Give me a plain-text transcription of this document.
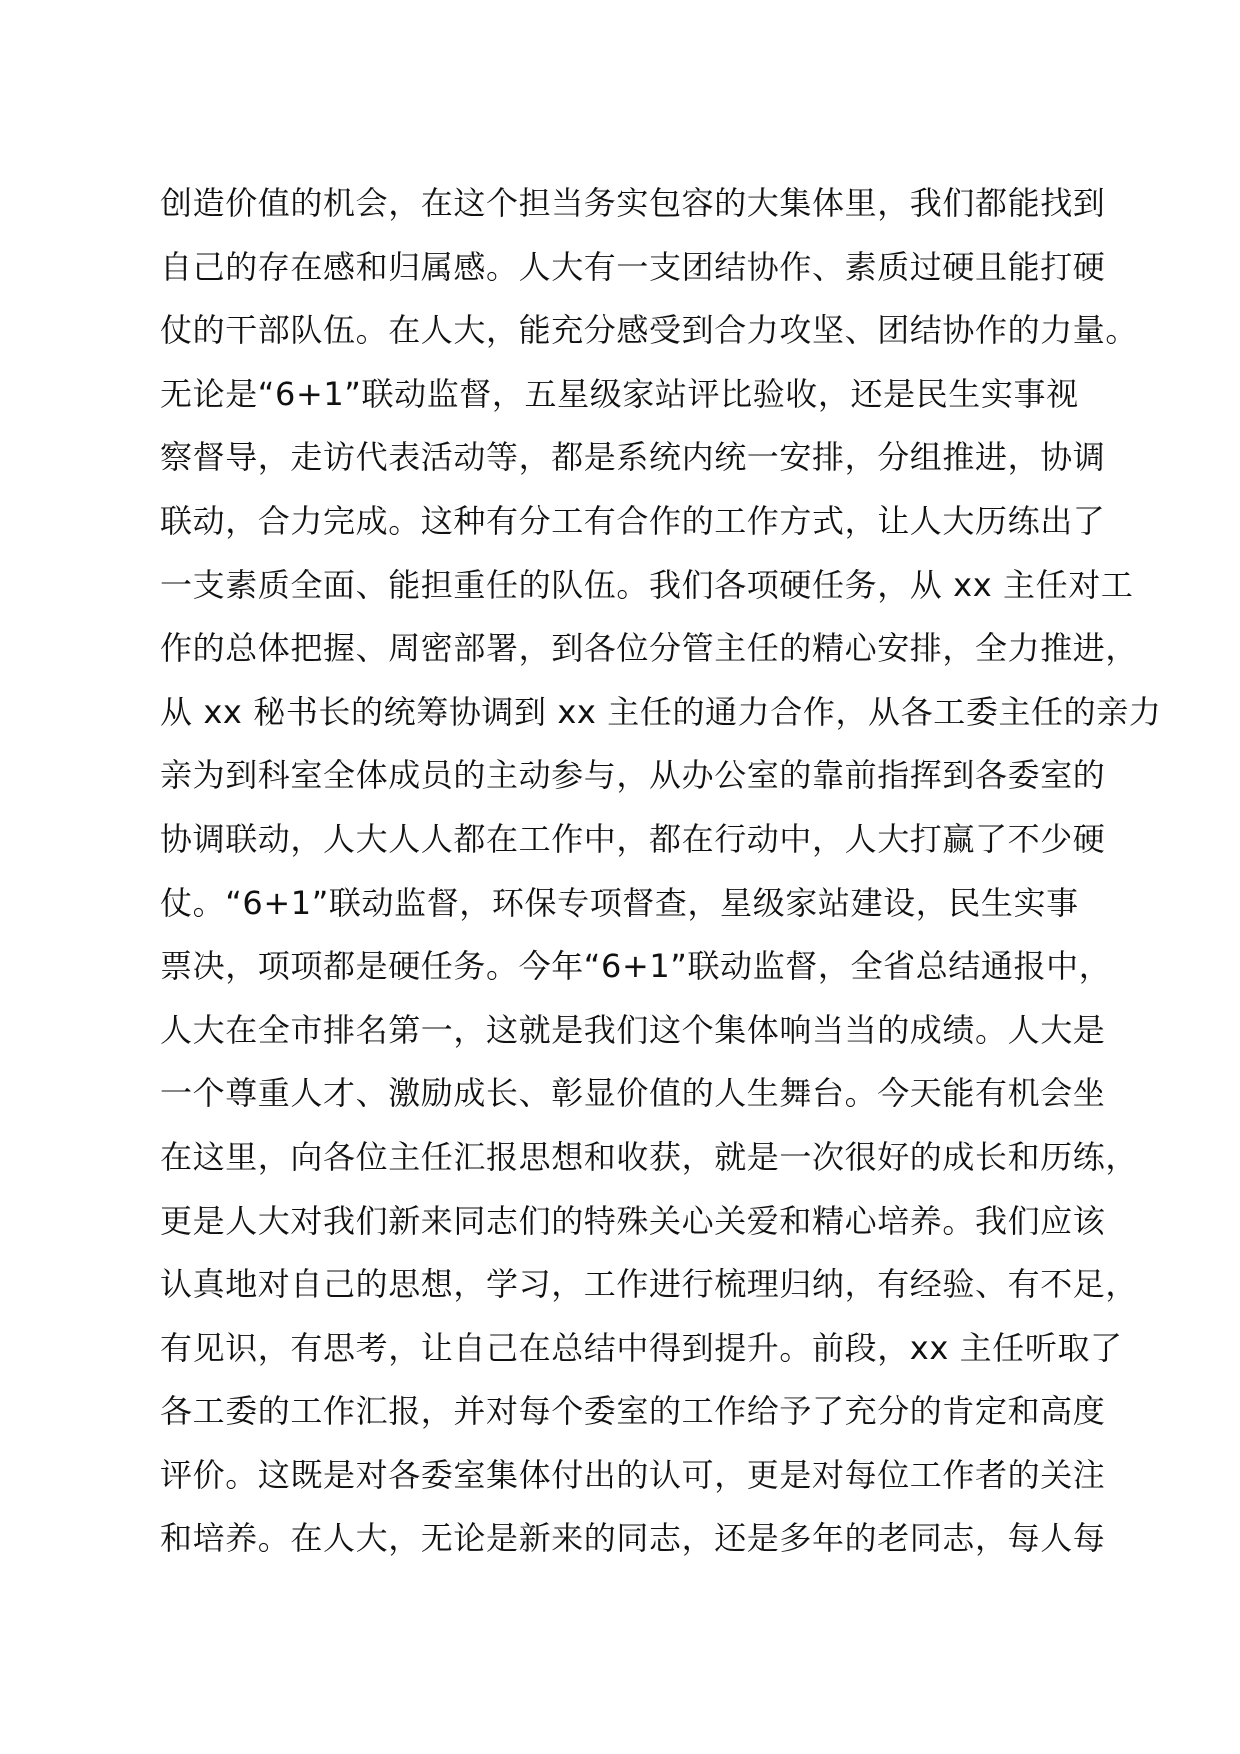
创造价值的机会，在这个担当务实包容的大集体里，我们都能找到
自己的存在感和归属感。人大有一支团结协作、素质过硬且能打硬
仗的干部队伍。在人大，能充分感受到合力攻坚、团结协作的力量。
无论是“6+1”联动监督，五星级家站评比验收，还是民生实事视
察督导，走访代表活动等，都是系统内统一安排，分组推进，协调
联动，合力完成。这种有分工有合作的工作方式，让人大历练出了
一支素质全面、能担重任的队伍。我们各项硬任务，从 xx 主任对工
作的总体把握、周密部署，到各位分管主任的精心安排，全力推进，
从 xx 秘书长的统筹协调到 xx 主任的通力合作，从各工委主任的亲力
亲为到科室全体成员的主动参与，从办公室的靠前指挥到各委室的
协调联动，人大人人都在工作中，都在行动中，人大打赢了不少硬
仗。“6+1”联动监督，环保专项督查，星级家站建设，民生实事
票决，项项都是硬任务。今年“6+1”联动监督，全省总结通报中，
人大在全市排名第一，这就是我们这个集体响当当的成绩。人大是
一个尊重人才、激励成长、彰显价值的人生舞台。今天能有机会坐
在这里，向各位主任汇报思想和收获，就是一次很好的成长和历练，
更是人大对我们新来同志们的特殊关心关爱和精心培养。我们应该
认真地对自己的思想，学习，工作进行梳理归纳，有经验、有不足，
有见识，有思考，让自己在总结中得到提升。前段，xx 主任听取了
各工委的工作汇报，并对每个委室的工作给予了充分的肯定和高度
评价。这既是对各委室集体付出的认可，更是对每位工作者的关注
和培养。在人大，无论是新来的同志，还是多年的老同志，每人每
